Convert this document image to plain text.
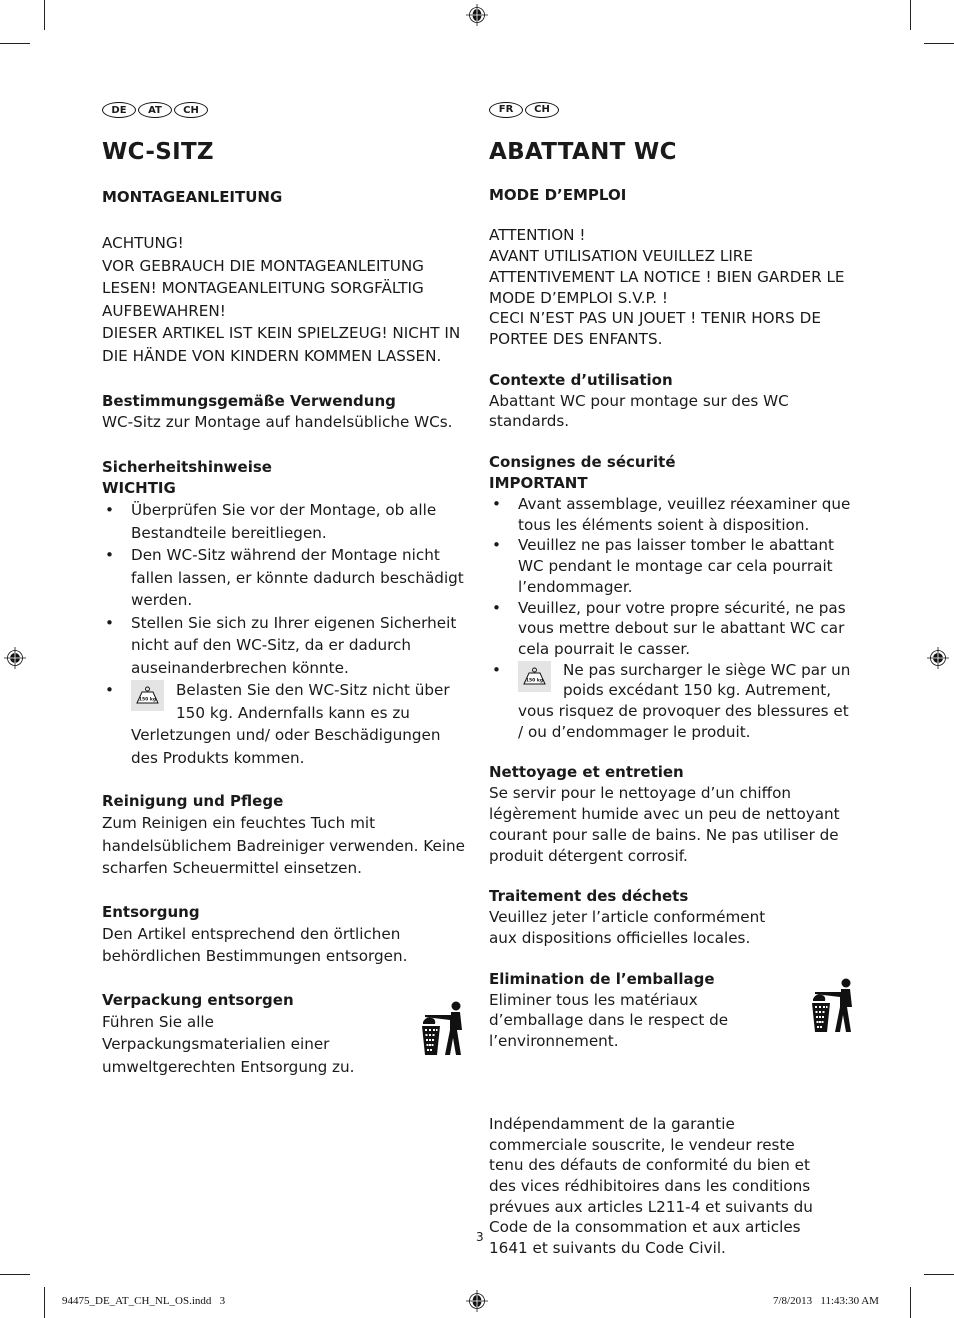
DE	AT	CH
WC-SITZ
MONTAGEANLEITUNG
ACHTUNG!
VOR GEBRAUCH DIE MONTAGEANLEITUNG
LESEN! MONTAGEANLEITUNG SORGFÄLTIG
AUFBEWAHREN!
DIESER ARTIKEL IST KEIN SPIELZEUG! NICHT IN
DIE HÄNDE VON KINDERN KOMMEN LASSEN.
Bestimmungsgemäße Verwendung
WC-Sitz zur Montage auf handelsübliche WCs.
Sicherheitshinweise
WICHTIG
• Überprüfen Sie vor der Montage, ob alle Bestandteile bereitliegen.
• Den WC-Sitz während der Montage nicht fallen lassen, er könnte dadurch beschädigt werden.
• Stellen Sie sich zu Ihrer eigenen Sicherheit nicht auf den WC-Sitz, da er dadurch auseinanderbrechen könnte.
• 150 kg
Belasten Sie den WC-Sitz nicht über 150 kg. Andernfalls kann es zu Verletzungen und/ oder Beschädigungen des Produkts kommen.
Reinigung und Pflege
Zum Reinigen ein feuchtes Tuch mit handelsüblichem Badreiniger verwenden. Keine scharfen Scheuermittel einsetzen.
Entsorgung
Den Artikel entsprechend den örtlichen behördlichen Bestimmungen entsorgen.
Verpackung entsorgen
Führen Sie alle Verpackungsmaterialien einer umweltgerechten Entsorgung zu.
FR	CH
ABATTANT WC
MODE D’EMPLOI
ATTENTION !
AVANT UTILISATION VEUILLEZ LIRE
ATTENTIVEMENT LA NOTICE ! BIEN GARDER LE
MODE D’EMPLOI S.V.P. !
CECI N’EST PAS UN JOUET ! TENIR HORS DE
PORTEE DES ENFANTS.
Contexte d’utilisation
Abattant WC pour montage sur des WC standards.
Consignes de sécurité
IMPORTANT
• Avant assemblage, veuillez réexaminer que tous les éléments soient à disposition.
• Veuillez ne pas laisser tomber le abattant WC pendant le montage car cela pourrait l’endommager.
• Veuillez, pour votre propre sécurité, ne pas vous mettre debout sur le abattant WC car cela pourrait le casser.
• 150 kg
Ne pas surcharger le siège WC par un poids excédant 150 kg. Autrement, vous risquez de provoquer des blessures et / ou d’endommager le produit.
Nettoyage et entretien
Se servir pour le nettoyage d’un chiffon légèrement humide avec un peu de nettoyant courant pour salle de bains. Ne pas utiliser de produit détergent corrosif.
Traitement des déchets
Veuillez jeter l’article conformément aux dispositions officielles locales.
Elimination de l’emballage
Eliminer tous les matériaux d’emballage dans le respect de l’environnement.
Indépendamment de la garantie commerciale souscrite, le vendeur reste tenu des défauts de conformité du bien et des vices rédhibitoires dans les conditions prévues aux articles L211-4 et suivants du Code de la consommation et aux articles 1641 et suivants du Code Civil.
3
94475_DE_AT_CH_NL_OS.indd   3	7/8/2013   11:43:30 AM
